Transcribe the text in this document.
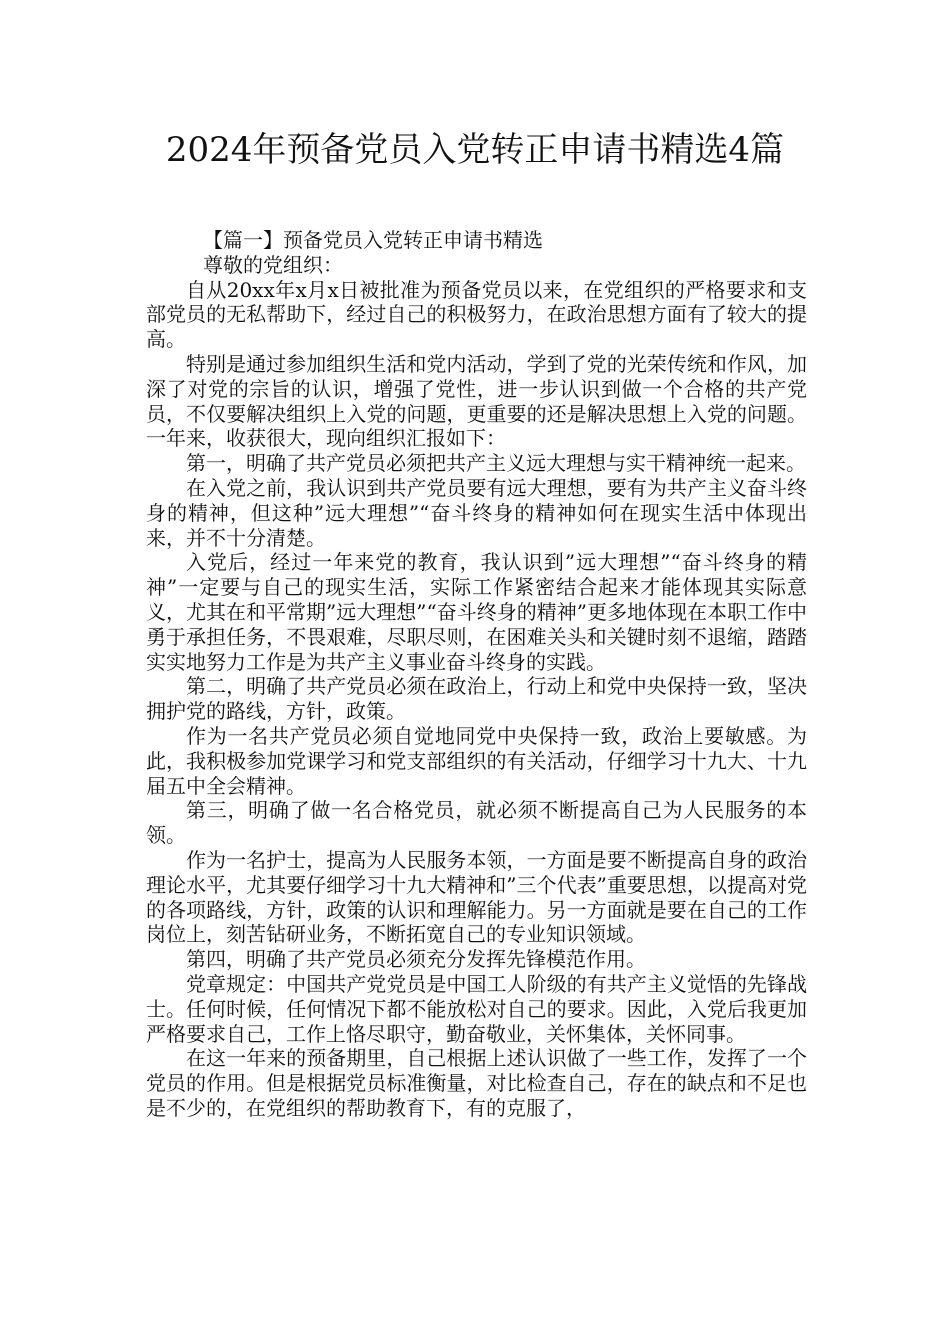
2024年预备党员入党转正申请书精选4篇

【篇一】预备党员入党转正申请书精选

尊敬的党组织：

自从20xx年x月x日被批准为预备党员以来，在党组织的严格要求和支部党员的无私帮助下，经过自己的积极努力，在政治思想方面有了较大的提高。

特别是通过参加组织生活和党内活动，学到了党的光荣传统和作风，加深了对党的宗旨的认识，增强了党性，进一步认识到做一个合格的共产党员，不仅要解决组织上入党的问题，更重要的还是解决思想上入党的问题。一年来，收获很大，现向组织汇报如下：

第一，明确了共产党员必须把共产主义远大理想与实干精神统一起来。

在入党之前，我认识到共产党员要有远大理想，要有为共产主义奋斗终身的精神，但这种”远大理想”“奋斗终身的精神如何在现实生活中体现出来，并不十分清楚。

入党后，经过一年来党的教育，我认识到”远大理想”“奋斗终身的精神”一定要与自己的现实生活，实际工作紧密结合起来才能体现其实际意义，尤其在和平常期”远大理想”“奋斗终身的精神”更多地体现在本职工作中勇于承担任务，不畏艰难，尽职尽则，在困难关头和关键时刻不退缩，踏踏实实地努力工作是为共产主义事业奋斗终身的实践。

第二，明确了共产党员必须在政治上，行动上和党中央保持一致，坚决拥护党的路线，方针，政策。

作为一名共产党员必须自觉地同党中央保持一致，政治上要敏感。为此，我积极参加党课学习和党支部组织的有关活动，仔细学习十九大、十九届五中全会精神。

第三，明确了做一名合格党员，就必须不断提高自己为人民服务的本领。

作为一名护士，提高为人民服务本领，一方面是要不断提高自身的政治理论水平，尤其要仔细学习十九大精神和”三个代表”重要思想，以提高对党的各项路线，方针，政策的认识和理解能力。另一方面就是要在自己的工作岗位上，刻苦钻研业务，不断拓宽自己的专业知识领域。

第四，明确了共产党员必须充分发挥先锋模范作用。

党章规定：中国共产党党员是中国工人阶级的有共产主义觉悟的先锋战士。任何时候，任何情况下都不能放松对自己的要求。因此，入党后我更加严格要求自己，工作上恪尽职守，勤奋敬业，关怀集体，关怀同事。

在这一年来的预备期里，自己根据上述认识做了一些工作，发挥了一个党员的作用。但是根据党员标准衡量，对比检查自己，存在的缺点和不足也是不少的，在党组织的帮助教育下，有的克服了，
